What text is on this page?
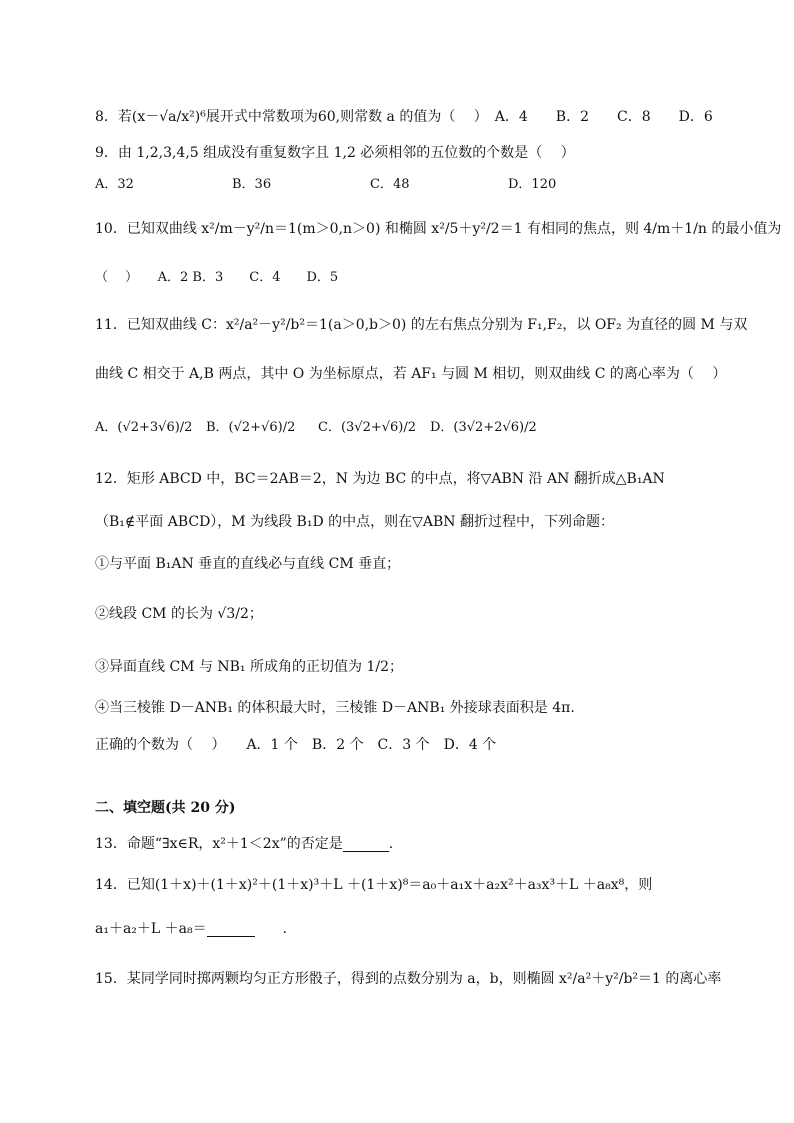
8．若(x－√a/x²)⁶展开式中常数项为60,则常数 a 的值为（　 ）　A．4　　B．2　　C．8　　D．6
9．由 1,2,3,4,5 组成没有重复数字且 1,2 必须相邻的五位数的个数是（　 ）
A．32	B．36	C．48	D．120
10．已知双曲线 x²/m－y²/n＝1(m＞0,n＞0) 和椭圆 x²/5＋y²/2＝1 有相同的焦点，则 4/m＋1/n 的最小值为
（　 ）　　A．2 B．3　　C．4　　D．5
11．已知双曲线 C：x²/a²－y²/b²＝1(a＞0,b＞0) 的左右焦点分别为 F₁,F₂，以 OF₂ 为直径的圆 M 与双
曲线 C 相交于 A,B 两点，其中 O 为坐标原点，若 AF₁ 与圆 M 相切，则双曲线 C 的离心率为（　 ）
A．(√2+3√6)/2 B．(√2+√6)/2 C．(3√2+√6)/2 D．(3√2+2√6)/2
12．矩形 ABCD 中，BC＝2AB＝2，N 为边 BC 的中点，将▽ABN 沿 AN 翻折成△B₁AN
（B₁∉平面 ABCD），M 为线段 B₁D 的中点，则在▽ABN 翻折过程中，下列命题：
①与平面 B₁AN 垂直的直线必与直线 CM 垂直；
②线段 CM 的长为 √3/2；
③异面直线 CM 与 NB₁ 所成角的正切值为 1/2；
④当三棱锥 D－ANB₁ 的体积最大时，三棱锥 D－ANB₁ 外接球表面积是 4π.
正确的个数为（　 ）　　A．1 个　B．2 个　C．3 个　D．4 个
二、填空题(共 20 分)
13．命题“∃x∈R，x²＋1＜2x”的否定是	.
14．已知(1＋x)＋(1＋x)²＋(1＋x)³＋L ＋(1＋x)⁸＝a₀＋a₁x＋a₂x²＋a₃x³＋L ＋a₈x⁸，则
a₁＋a₂＋L ＋a₈＝	.
15．某同学同时掷两颗均匀正方形骰子，得到的点数分别为 a，b，则椭圆 x²/a²＋y²/b²＝1 的离心率
